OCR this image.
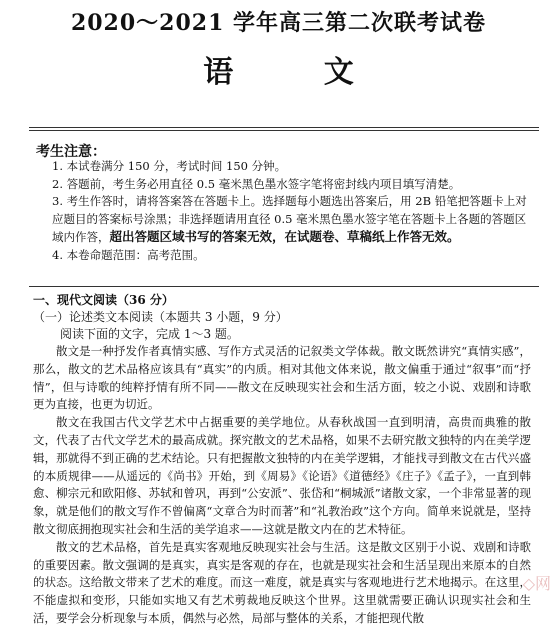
2020～2021 学年高三第二次联考试卷
语 文
考生注意：

1. 本试卷满分 150 分，考试时间 150 分钟。

2. 答题前，考生务必用直径 0.5 毫米黑色墨水签字笔将密封线内项目填写清楚。

3. 考生作答时，请将答案答在答题卡上。选择题每小题选出答案后，用 2B 铅笔把答题卡上对应题目的答案标号涂黑；非选择题请用直径 0.5 毫米黑色墨水签字笔在答题卡上各题的答题区域内作答，超出答题区域书写的答案无效，在试题卷、草稿纸上作答无效。

4. 本卷命题范围：高考范围。

一、现代文阅读（36 分）
（一）论述类文本阅读（本题共 3 小题，9 分）
阅读下面的文字，完成 1～3 题。

散文是一种抒发作者真情实感、写作方式灵活的记叙类文学体裁。散文既然讲究“真情实感”，那么，散文的艺术品格应该具有“真实”的内质。相对其他文体来说，散文偏重于通过“叙事”而“抒情”，但与诗歌的纯粹抒情有所不同——散文在反映现实社会和生活方面，较之小说、戏剧和诗歌更为直接，也更为切近。

散文在我国古代文学艺术中占据重要的美学地位。从春秋战国一直到明清，高贵而典雅的散文，代表了古代文学艺术的最高成就。探究散文的艺术品格，如果不去研究散文独特的内在美学逻辑，那就得不到正确的艺术结论。只有把握散文独特的内在美学逻辑，才能找寻到散文在古代兴盛的本质规律——从遥远的《尚书》开始，到《周易》《论语》《道德经》《庄子》《孟子》，一直到韩愈、柳宗元和欧阳修、苏轼和曾巩，再到“公安派”、张岱和“桐城派”诸散文家，一个非常显著的现象，就是他们的散文写作不曾偏离“文章合为时而著”和“礼教治政”这个方向。简单来说就是，坚持散文彻底拥抱现实社会和生活的美学追求——这就是散文内在的艺术特征。

散文的艺术品格，首先是真实客观地反映现实社会与生活。这是散文区别于小说、戏剧和诗歌的重要因素。散文强调的是真实，真实是客观的存在，也就是现实社会和生活呈现出来原本的自然的状态。这给散文带来了艺术的难度。而这一难度，就是真实与客观地进行艺术地揭示。在这里，不能虚拟和变形，只能如实地又有艺术剪裁地反映这个世界。这里就需要正确认识现实社会和生活，要学会分析现象与本质，偶然与必然，局部与整体的关系，才能把现代散

◇网
